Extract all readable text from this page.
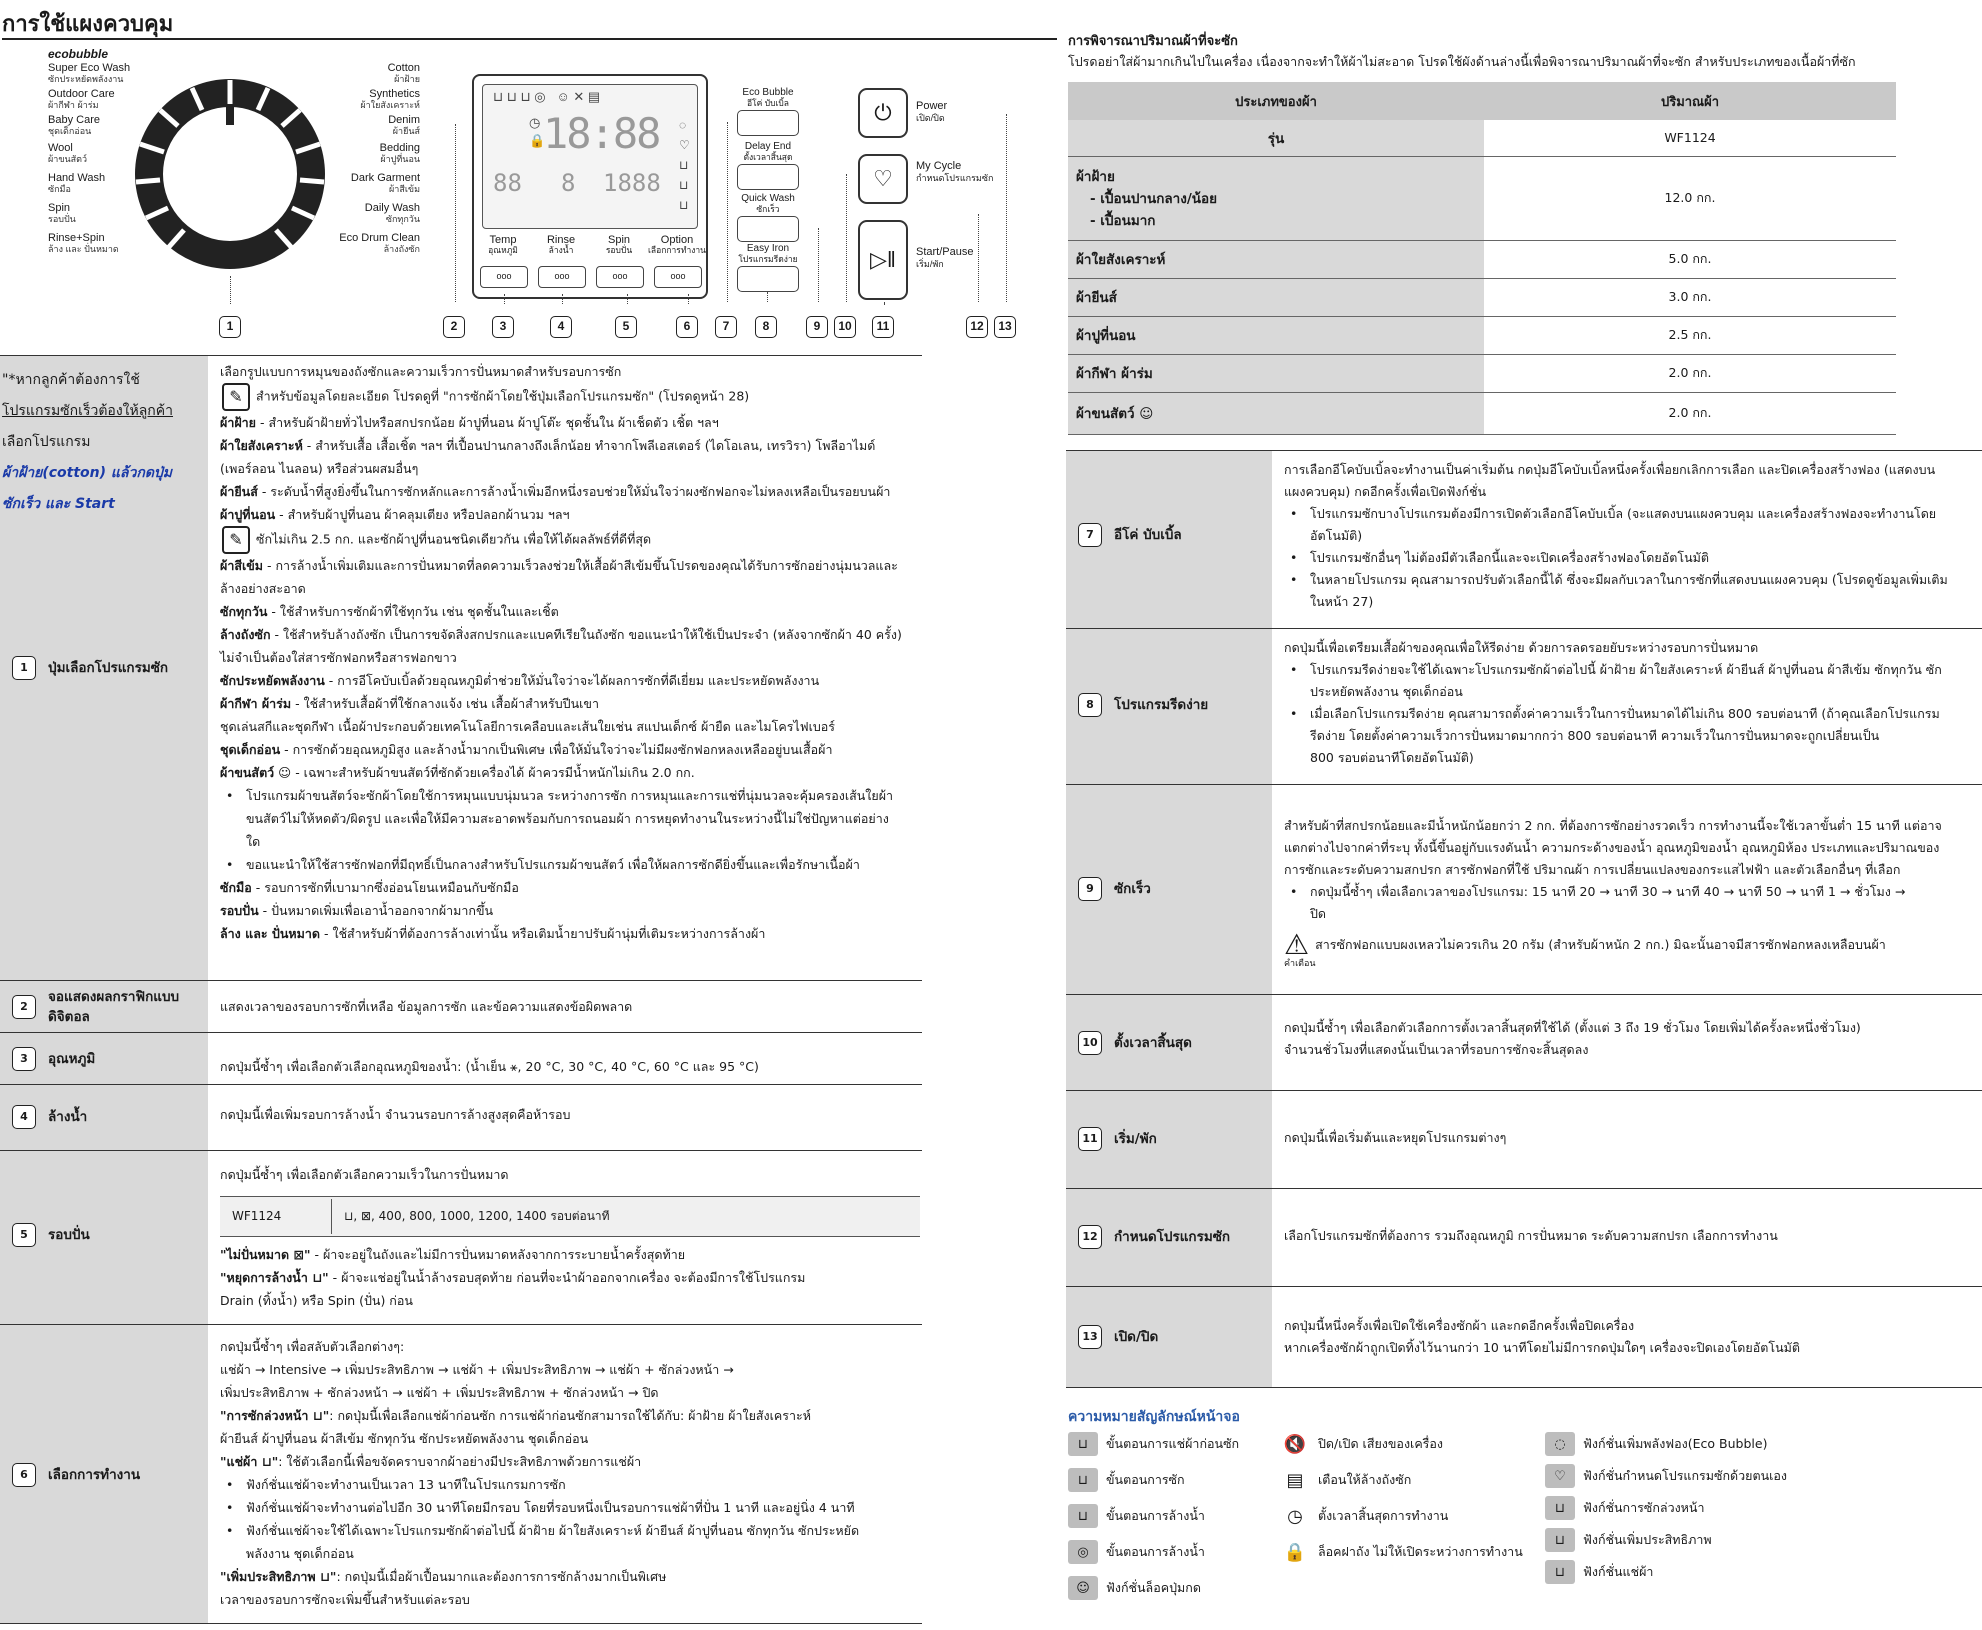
การใช้แผงควบคุม
ecobubble
Super Eco Wash
ซักประหยัดพลังงาน
Outdoor Care
ผ้ากีฬา ผ้าร่ม
Baby Care
ชุดเด็กอ่อน
Wool
ผ้าขนสัตว์
Hand Wash
ซักมือ
Spin
รอบปั่น
Rinse+Spin
ล้าง และ ปั่นหมาด
Cotton
ผ้าฝ้าย
Synthetics
ผ้าใยสังเคราะห์
Denim
ผ้ายีนส์
Bedding
ผ้าปูที่นอน
Dark Garment
ผ้าสีเข้ม
Daily Wash
ซักทุกวัน
Eco Drum Clean
ล้างถังซัก
18:88
88 8 1888
⊔ ⊔ ⊔ ◎   ☺ ✕ ▤
◷
🔒
◌
♡
⊔
⊔
⊔
Temp
อุณหภูมิ
Rinse
ล้างน้ำ
Spin
รอบปั่น
Option
เลือกการทำงาน
ooo	ooo	ooo	ooo
Eco Bubble
อีโค่ บับเบิ้ล
Delay End
ตั้งเวลาสิ้นสุด
Quick Wash
ซักเร็ว
Easy Iron
โปรแกรมรีดง่าย
⏻	Power
เปิด/ปิด
♡	My Cycle
กำหนดโปรแกรมซัก
▷‖	Start/Pause
เริ่ม/พัก
1	2	3	4	5	6	7	8	9	10	11	12	13
1	ปุ่มเลือกโปรแกรมซัก
เลือกรูปแบบการหมุนของถังซักและความเร็วการปั่นหมาดสำหรับรอบการซัก
✎ สำหรับข้อมูลโดยละเอียด โปรดดูที่ "การซักผ้าโดยใช้ปุ่มเลือกโปรแกรมซัก" (โปรดดูหน้า 28)
ผ้าฝ้าย - สำหรับผ้าฝ้ายทั่วไปหรือสกปรกน้อย ผ้าปูที่นอน ผ้าปูโต๊ะ ชุดชั้นใน ผ้าเช็ดตัว เชิ้ต ฯลฯ
ผ้าใยสังเคราะห์ - สำหรับเสื้อ เสื้อเชิ้ต ฯลฯ ที่เปื้อนปานกลางถึงเล็กน้อย ทำจากโพลีเอสเตอร์ (ไดโอเลน, เทรวิรา) โพลีอาไมด์
(เพอร์ลอน ไนลอน) หรือส่วนผสมอื่นๆ
ผ้ายีนส์ - ระดับน้ำที่สูงยิ่งขึ้นในการซักหลักและการล้างน้ำเพิ่มอีกหนึ่งรอบช่วยให้มั่นใจว่าผงซักฟอกจะไม่หลงเหลือเป็นรอยบนผ้า
ผ้าปูที่นอน - สำหรับผ้าปูที่นอน ผ้าคลุมเตียง หรือปลอกผ้านวม ฯลฯ
✎ ซักไม่เกิน 2.5 กก. และซักผ้าปูที่นอนชนิดเดียวกัน เพื่อให้ได้ผลลัพธ์ที่ดีที่สุด
ผ้าสีเข้ม - การล้างน้ำเพิ่มเติมและการปั่นหมาดที่ลดความเร็วลงช่วยให้เสื้อผ้าสีเข้มขึ้นโปรดของคุณได้รับการซักอย่างนุ่มนวลและ
ล้างอย่างสะอาด
ซักทุกวัน - ใช้สำหรับการซักผ้าที่ใช้ทุกวัน เช่น ชุดชั้นในและเชิ้ต
ล้างถังซัก - ใช้สำหรับล้างถังซัก เป็นการขจัดสิ่งสกปรกและแบคทีเรียในถังซัก ขอแนะนำให้ใช้เป็นประจำ (หลังจากซักผ้า 40 ครั้ง)
ไม่จำเป็นต้องใส่สารซักฟอกหรือสารฟอกขาว
ซักประหยัดพลังงาน - การอีโคบับเบิ้ลด้วยอุณหภูมิต่ำช่วยให้มั่นใจว่าจะได้ผลการซักที่ดีเยี่ยม และประหยัดพลังงาน
ผ้ากีฬา ผ้าร่ม - ใช้สำหรับเสื้อผ้าที่ใช้กลางแจ้ง เช่น เสื้อผ้าสำหรับปีนเขา
ชุดเล่นสกีและชุดกีฬา เนื้อผ้าประกอบด้วยเทคโนโลยีการเคลือบและเส้นใยเช่น สแปนเด็กซ์ ผ้ายืด และไมโครไฟเบอร์
ชุดเด็กอ่อน - การซักด้วยอุณหภูมิสูง และล้างน้ำมากเป็นพิเศษ เพื่อให้มั่นใจว่าจะไม่มีผงซักฟอกหลงเหลืออยู่บนเสื้อผ้า
ผ้าขนสัตว์ ☺ - เฉพาะสำหรับผ้าขนสัตว์ที่ซักด้วยเครื่องได้ ผ้าควรมีน้ำหนักไม่เกิน 2.0 กก.
• โปรแกรมผ้าขนสัตว์จะซักผ้าโดยใช้การหมุนแบบนุ่มนวล ระหว่างการซัก การหมุนและการแช่ที่นุ่มนวลจะคุ้มครองเส้นใยผ้า
ขนสัตว์ไม่ให้หดตัว/ผิดรูป และเพื่อให้มีความสะอาดพร้อมกับการถนอมผ้า การหยุดทำงานในระหว่างนี้ไม่ใช่ปัญหาแต่อย่าง
ใด
• ขอแนะนำให้ใช้สารซักฟอกที่มีฤทธิ์เป็นกลางสำหรับโปรแกรมผ้าขนสัตว์ เพื่อให้ผลการซักดียิ่งขึ้นและเพื่อรักษาเนื้อผ้า
ซักมือ - รอบการซักที่เบามากซึ่งอ่อนโยนเหมือนกับซักมือ
รอบปั่น - ปั่นหมาดเพิ่มเพื่อเอาน้ำออกจากผ้ามากขึ้น
ล้าง และ ปั่นหมาด - ใช้สำหรับผ้าที่ต้องการล้างเท่านั้น หรือเติมน้ำยาปรับผ้านุ่มที่เติมระหว่างการล้างผ้า
"*หากลูกค้าต้องการใช้
โปรแกรมซักเร็วต้องให้ลูกค้า
เลือกโปรแกรม
ผ้าฝ้าย(cotton) แล้วกดปุ่ม
ซักเร็ว และ Start
2
จอแสดงผลกราฟิกแบบดิจิตอล
แสดงเวลาของรอบการซักที่เหลือ ข้อมูลการซัก และข้อความแสดงข้อผิดพลาด
3	อุณหภูมิ	กดปุ่มนี้ซ้ำๆ เพื่อเลือกตัวเลือกอุณหภูมิของน้ำ: (น้ำเย็น ⚹, 20 °C, 30 °C, 40 °C, 60 °C และ 95 °C)
4	ล้างน้ำ	กดปุ่มนี้เพื่อเพิ่มรอบการล้างน้ำ จำนวนรอบการล้างสูงสุดคือห้ารอบ
5	รอบปั่น
กดปุ่มนี้ซ้ำๆ เพื่อเลือกตัวเลือกความเร็วในการปั่นหมาด
WF1124	⊔, ⊠, 400, 800, 1000, 1200, 1400 รอบต่อนาที
"ไม่ปั่นหมาด ⊠" - ผ้าจะอยู่ในถังและไม่มีการปั่นหมาดหลังจากการระบายน้ำครั้งสุดท้าย
"หยุดการล้างน้ำ ⊔" - ผ้าจะแช่อยู่ในน้ำล้างรอบสุดท้าย ก่อนที่จะนำผ้าออกจากเครื่อง จะต้องมีการใช้โปรแกรม
Drain (ทิ้งน้ำ) หรือ Spin (ปั่น) ก่อน
6	เลือกการทำงาน
กดปุ่มนี้ซ้ำๆ เพื่อสลับตัวเลือกต่างๆ:
แช่ผ้า → Intensive → เพิ่มประสิทธิภาพ → แช่ผ้า + เพิ่มประสิทธิภาพ → แช่ผ้า + ซักล่วงหน้า →
เพิ่มประสิทธิภาพ + ซักล่วงหน้า → แช่ผ้า + เพิ่มประสิทธิภาพ + ซักล่วงหน้า → ปิด
"การซักล่วงหน้า ⊔": กดปุ่มนี้เพื่อเลือกแช่ผ้าก่อนซัก การแช่ผ้าก่อนซักสามารถใช้ได้กับ: ผ้าฝ้าย ผ้าใยสังเคราะห์
ผ้ายีนส์ ผ้าปูที่นอน ผ้าสีเข้ม ซักทุกวัน ซักประหยัดพลังงาน ชุดเด็กอ่อน
"แช่ผ้า ⊔": ใช้ตัวเลือกนี้เพื่อขจัดคราบจากผ้าอย่างมีประสิทธิภาพด้วยการแช่ผ้า
• ฟังก์ชั่นแช่ผ้าจะทำงานเป็นเวลา 13 นาทีในโปรแกรมการซัก
• ฟังก์ชั่นแช่ผ้าจะทำงานต่อไปอีก 30 นาทีโดยมีกรอบ โดยที่รอบหนึ่งเป็นรอบการแช่ผ้าที่ปั่น 1 นาที และอยู่นิ่ง 4 นาที
• ฟังก์ชั่นแช่ผ้าจะใช้ได้เฉพาะโปรแกรมซักผ้าต่อไปนี้ ผ้าฝ้าย ผ้าใยสังเคราะห์ ผ้ายีนส์ ผ้าปูที่นอน ซักทุกวัน ซักประหยัด
พลังงาน ชุดเด็กอ่อน
"เพิ่มประสิทธิภาพ ⊔": กดปุ่มนี้เมื่อผ้าเปื้อนมากและต้องการการซักล้างมากเป็นพิเศษ
เวลาของรอบการซักจะเพิ่มขึ้นสำหรับแต่ละรอบ
การพิจารณาปริมาณผ้าที่จะซัก
โปรดอย่าใส่ผ้ามากเกินไปในเครื่อง เนื่องจากจะทำให้ผ้าไม่สะอาด โปรดใช้ผังด้านล่างนี้เพื่อพิจารณาปริมาณผ้าที่จะซัก สำหรับประเภทของเนื้อผ้าที่ซัก
ประเภทของผ้า	ปริมาณผ้า
รุ่น	WF1124

ผ้าฝ้าย
- เปื้อนปานกลาง/น้อย
- เปื้อนมาก	12.0 กก.
ผ้าใยสังเคราะห์	5.0 กก.
ผ้ายีนส์	3.0 กก.
ผ้าปูที่นอน	2.5 กก.
ผ้ากีฬา ผ้าร่ม	2.0 กก.
ผ้าขนสัตว์ ☺	2.0 กก.
7	อีโค่ บับเบิ้ล
การเลือกอีโคบับเบิ้ลจะทำงานเป็นค่าเริ่มต้น กดปุ่มอีโคบับเบิ้ลหนึ่งครั้งเพื่อยกเลิกการเลือก และปิดเครื่องสร้างฟอง (แสดงบน
แผงควบคุม) กดอีกครั้งเพื่อเปิดฟังก์ชั่น
• โปรแกรมซักบางโปรแกรมต้องมีการเปิดตัวเลือกอีโคบับเบิ้ล (จะแสดงบนแผงควบคุม และเครื่องสร้างฟองจะทำงานโดย
อัตโนมัติ)
• โปรแกรมซักอื่นๆ ไม่ต้องมีตัวเลือกนี้และจะเปิดเครื่องสร้างฟองโดยอัตโนมัติ
• ในหลายโปรแกรม คุณสามารถปรับตัวเลือกนี้ได้ ซึ่งจะมีผลกับเวลาในการซักที่แสดงบนแผงควบคุม (โปรดดูข้อมูลเพิ่มเติม
ในหน้า 27)
8	โปรแกรมรีดง่าย
กดปุ่มนี้เพื่อเตรียมเสื้อผ้าของคุณเพื่อให้รีดง่าย ด้วยการลดรอยยับระหว่างรอบการปั่นหมาด
• โปรแกรมรีดง่ายจะใช้ได้เฉพาะโปรแกรมซักผ้าต่อไปนี้ ผ้าฝ้าย ผ้าใยสังเคราะห์ ผ้ายีนส์ ผ้าปูที่นอน ผ้าสีเข้ม ซักทุกวัน ซัก
ประหยัดพลังงาน ชุดเด็กอ่อน
• เมื่อเลือกโปรแกรมรีดง่าย คุณสามารถตั้งค่าความเร็วในการปั่นหมาดได้ไม่เกิน 800 รอบต่อนาที (ถ้าคุณเลือกโปรแกรม
รีดง่าย โดยตั้งค่าความเร็วการปั่นหมาดมากกว่า 800 รอบต่อนาที ความเร็วในการปั่นหมาดจะถูกเปลี่ยนเป็น
800 รอบต่อนาทีโดยอัตโนมัติ)
9	ซักเร็ว
สำหรับผ้าที่สกปรกน้อยและมีน้ำหนักน้อยกว่า 2 กก. ที่ต้องการซักอย่างรวดเร็ว การทำงานนี้จะใช้เวลาขั้นต่ำ 15 นาที แต่อาจ
แตกต่างไปจากค่าที่ระบุ ทั้งนี้ขึ้นอยู่กับแรงดันน้ำ ความกระด้างของน้ำ อุณหภูมิของน้ำ อุณหภูมิห้อง ประเภทและปริมาณของ
การซักและระดับความสกปรก สารซักฟอกที่ใช้ ปริมาณผ้า การเปลี่ยนแปลงของกระแสไฟฟ้า และตัวเลือกอื่นๆ ที่เลือก
• กดปุ่มนี้ซ้ำๆ เพื่อเลือกเวลาของโปรแกรม: 15 นาที 20 → นาที 30 → นาที 40 → นาที 50 → นาที 1 → ชั่วโมง →
ปิด
⚠ สารซักฟอกแบบผงเหลวไม่ควรเกิน 20 กรัม (สำหรับผ้าหนัก 2 กก.) มิฉะนั้นอาจมีสารซักฟอกหลงเหลือบนผ้า
คำเตือน
10	ตั้งเวลาสิ้นสุด
กดปุ่มนี้ซ้ำๆ เพื่อเลือกตัวเลือกการตั้งเวลาสิ้นสุดที่ใช้ได้ (ตั้งแต่ 3 ถึง 19 ชั่วโมง โดยเพิ่มได้ครั้งละหนึ่งชั่วโมง)
จำนวนชั่วโมงที่แสดงนั้นเป็นเวลาที่รอบการซักจะสิ้นสุดลง
11	เริ่ม/พัก	กดปุ่มนี้เพื่อเริ่มต้นและหยุดโปรแกรมต่างๆ
12	กำหนดโปรแกรมซัก	เลือกโปรแกรมซักที่ต้องการ รวมถึงอุณหภูมิ การปั่นหมาด ระดับความสกปรก เลือกการทำงาน
13	เปิด/ปิด
กดปุ่มนี้หนึ่งครั้งเพื่อเปิดใช้เครื่องซักผ้า และกดอีกครั้งเพื่อปิดเครื่อง
หากเครื่องซักผ้าถูกเปิดทิ้งไว้นานกว่า 10 นาทีโดยไม่มีการกดปุ่มใดๆ เครื่องจะปิดเองโดยอัตโนมัติ
ความหมายสัญลักษณ์หน้าจอ
⊔	ขั้นตอนการแช่ผ้าก่อนซัก
⊔	ขั้นตอนการซัก
⊔	ขั้นตอนการล้างน้ำ
◎	ขั้นตอนการล้างน้ำ
☺	ฟังก์ชั่นล็อคปุ่มกด
🔇 ปิด/เปิด เสียงของเครื่อง
▤	เตือนให้ล้างถังซัก
◷	ตั้งเวลาสิ้นสุดการทำงาน
🔒 ล็อคฝาถัง ไม่ให้เปิดระหว่างการทำงาน
◌	ฟังก์ชั่นเพิ่มพลังฟอง(Eco Bubble)
♡	ฟังก์ชั่นกำหนดโปรแกรมซักด้วยตนเอง
⊔	ฟังก์ชั่นการซักล่วงหน้า
⊔	ฟังก์ชั่นเพิ่มประสิทธิภาพ
⊔	ฟังก์ชั่นแช่ผ้า
